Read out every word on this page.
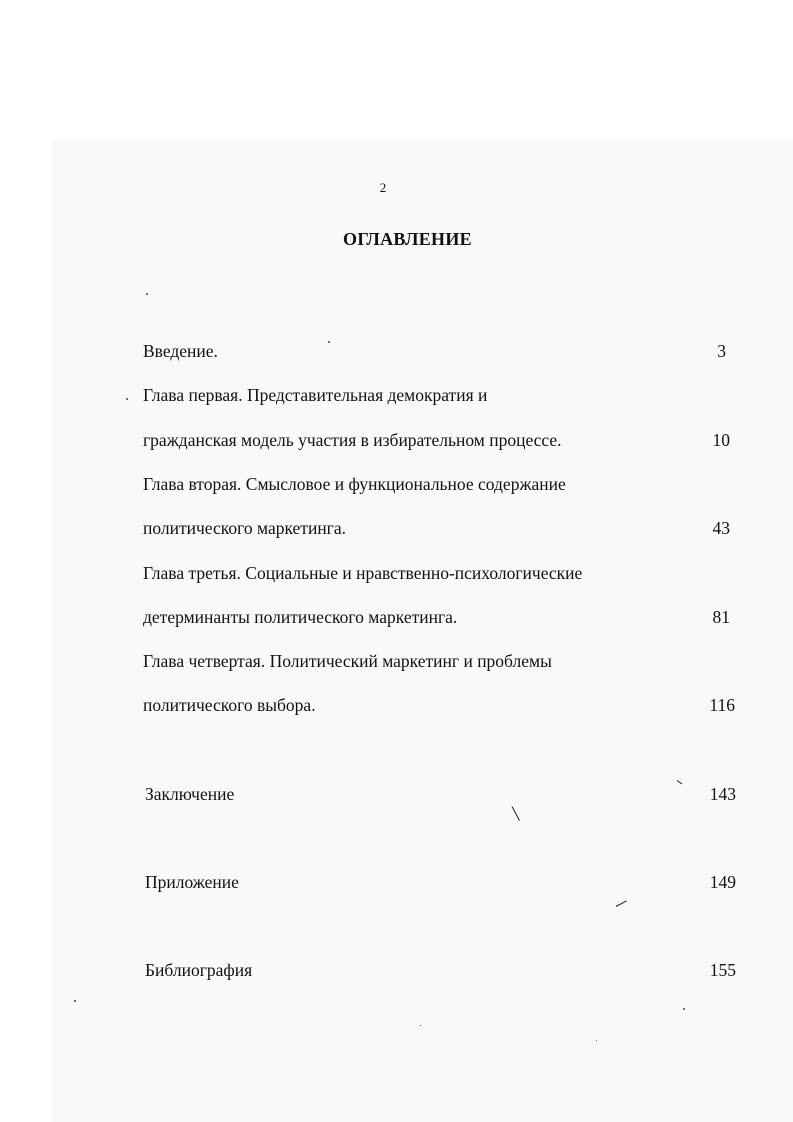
2
ОГЛАВЛЕНИЕ
Введение.	3
Глава первая. Представительная демократия и
гражданская модель участия в избирательном процессе.	10
Глава вторая. Смысловое и функциональное содержание
политического маркетинга.	43
Глава третья. Социальные и нравственно-психологические
детерминанты политического маркетинга.	81
Глава четвертая. Политический маркетинг и проблемы
политического выбора.	116
Заключение	143
Приложение	149
Библиография	155
